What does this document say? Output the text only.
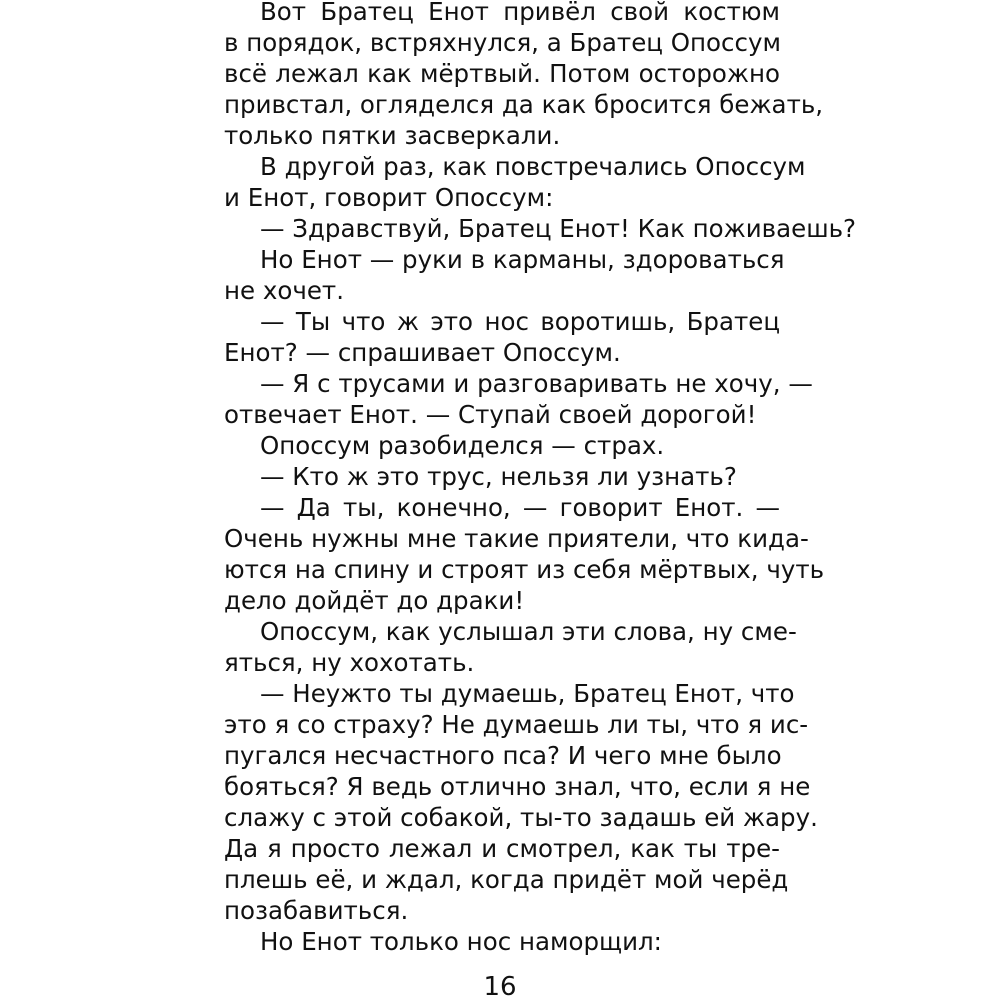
Вот Братец Енот привёл свой костюм
в порядок, встряхнулся, а Братец Опоссум
всё лежал как мёртвый. Потом осторожно
привстал, огляделся да как бросится бежать,
только пятки засверкали.
В другой раз, как повстречались Опоссум
и Енот, говорит Опоссум:
— Здравствуй, Братец Енот! Как поживаешь?
Но Енот — руки в карманы, здороваться
не хочет.
— Ты что ж это нос воротишь, Братец
Енот? — спрашивает Опоссум.
— Я с трусами и разговаривать не хочу, —
отвечает Енот. — Ступай своей дорогой!
Опоссум разобиделся — страх.
— Кто ж это трус, нельзя ли узнать?
— Да ты, конечно, — говорит Енот. —
Очень нужны мне такие приятели, что кида-
ются на спину и строят из себя мёртвых, чуть
дело дойдёт до драки!
Опоссум, как услышал эти слова, ну сме-
яться, ну хохотать.
— Неужто ты думаешь, Братец Енот, что
это я со страху? Не думаешь ли ты, что я ис-
пугался несчастного пса? И чего мне было
бояться? Я ведь отлично знал, что, если я не
слажу с этой собакой, ты-то задашь ей жару.
Да я просто лежал и смотрел, как ты тре-
плешь её, и ждал, когда придёт мой черёд
позабавиться.
Но Енот только нос наморщил:
16
